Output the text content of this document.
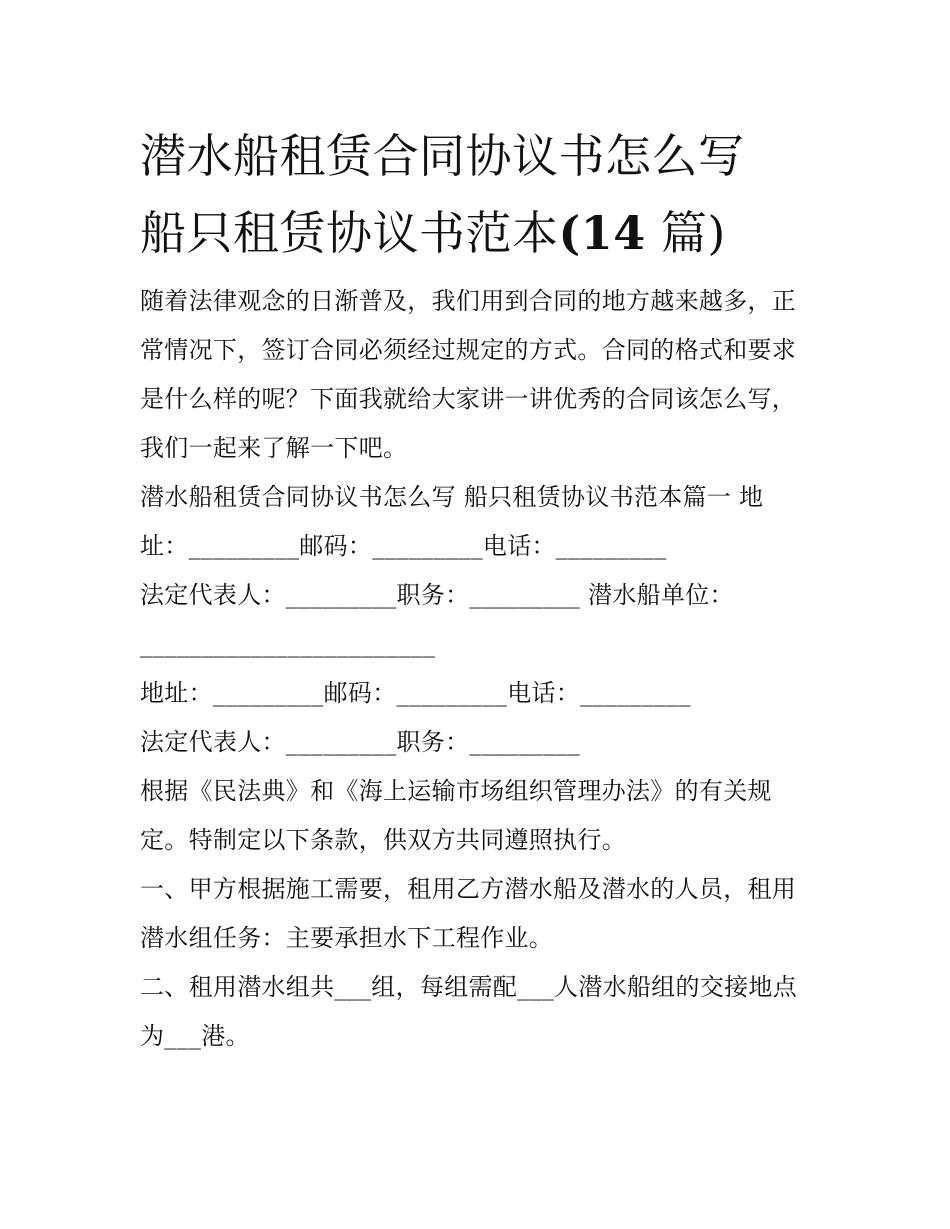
潜水船租赁合同协议书怎么写
船只租赁协议书范本(14 篇)
随着法律观念的日渐普及，我们用到合同的地方越来越多，正
常情况下，签订合同必须经过规定的方式。合同的格式和要求
是什么样的呢？下面我就给大家讲一讲优秀的合同该怎么写，
我们一起来了解一下吧。
潜水船租赁合同协议书怎么写 船只租赁协议书范本篇一 地
址：_________邮码：_________电话：_________
法定代表人：_________职务：_________ 潜水船单位：
________________________
地址：_________邮码：_________电话：_________
法定代表人：_________职务：_________
根据《民法典》和《海上运输市场组织管理办法》的有关规
定。特制定以下条款，供双方共同遵照执行。
一、甲方根据施工需要，租用乙方潜水船及潜水的人员，租用
潜水组任务：主要承担水下工程作业。
二、租用潜水组共___组，每组需配___人潜水船组的交接地点
为___港。
